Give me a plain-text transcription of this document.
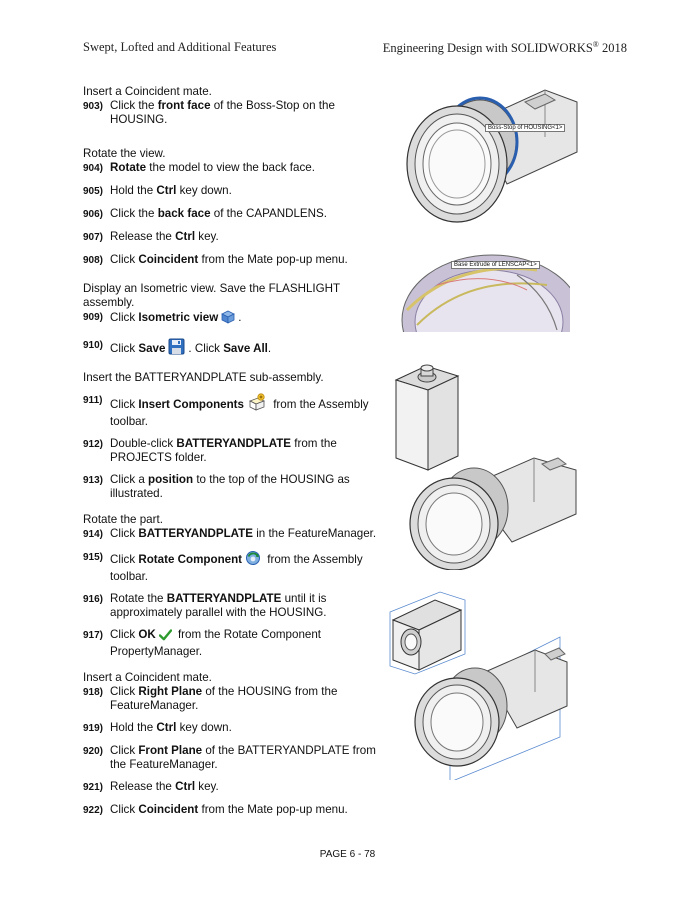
Swept, Lofted and Additional Features	Engineering Design with SOLIDWORKS® 2018

Insert a Coincident mate.

903) Click the front face of the Boss-Stop on the HOUSING.

Rotate the view.

904) Rotate the model to view the back face.
905) Hold the Ctrl key down.
906) Click the back face of the CAPANDLENS.
907) Release the Ctrl key.
908) Click Coincident from the Mate pop-up menu.

Display an Isometric view. Save the FLASHLIGHT assembly.

909) Click Isometric view .
910) Click Save . Click Save All.

Insert the BATTERYANDPLATE sub-assembly.

911) Click Insert Components from the Assembly toolbar.
912) Double-click BATTERYANDPLATE from the PROJECTS folder.
913) Click a position to the top of the HOUSING as illustrated.

Rotate the part.

914) Click BATTERYANDPLATE in the FeatureManager.
915) Click Rotate Component from the Assembly toolbar.
916) Rotate the BATTERYANDPLATE until it is approximately parallel with the HOUSING.
917) Click OK from the Rotate Component PropertyManager.

Insert a Coincident mate.

918) Click Right Plane of the HOUSING from the FeatureManager.
919) Hold the Ctrl key down.
920) Click Front Plane of the BATTERYANDPLATE from the FeatureManager.
921) Release the Ctrl key.
922) Click Coincident from the Mate pop-up menu.
Boss-Stop of HOUSING<1>
Base Extrude of LENSCAP<1>
PAGE 6 - 78
